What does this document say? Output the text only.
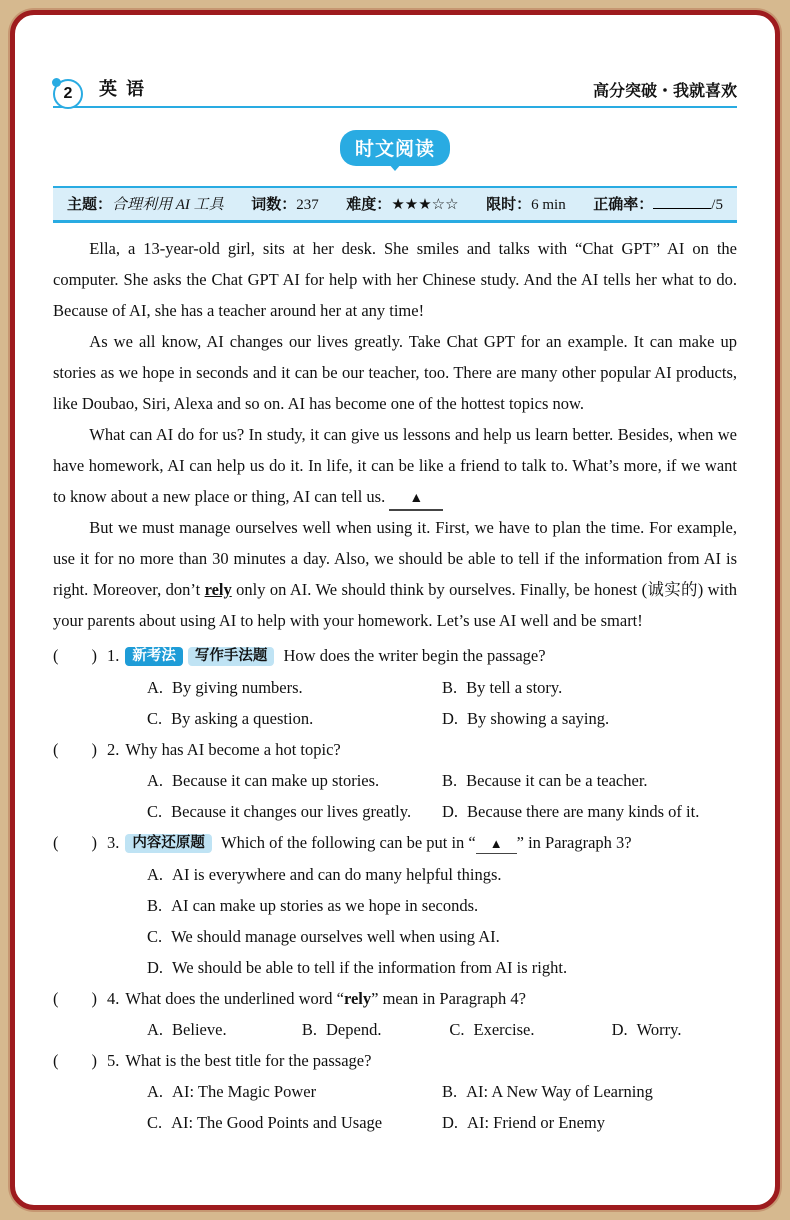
2 英 语	高分突破・我就喜欢
时文阅读
主题：合理利用 AI 工具 词数：237 难度：★★★☆☆ 限时：6 min 正确率：	/5

Ella, a 13-year-old girl, sits at her desk. She smiles and talks with “Chat GPT” AI on the computer. She asks the Chat GPT AI for help with her Chinese study. And the AI tells her what to do. Because of AI, she has a teacher around her at any time!

As we all know, AI changes our lives greatly. Take Chat GPT for an example. It can make up stories as we hope in seconds and it can be our teacher, too. There are many other popular AI products, like Doubao, Siri, Alexa and so on. AI has become one of the hottest topics now.

What can AI do for us? In study, it can give us lessons and help us learn better. Besides, when we have homework, AI can help us do it. In life, it can be like a friend to talk to. What’s more, if we want to know about a new place or thing, AI can tell us. ▲

But we must manage ourselves well when using it. First, we have to plan the time. For example, use it for no more than 30 minutes a day. Also, we should be able to tell if the information from AI is right. Moreover, don’t rely only on AI. We should think by ourselves. Finally, be honest (诚实的) with your parents about using AI to help with your homework. Let’s use AI well and be smart!

(　　) 1. 新考法 写作手法题 How does the writer begin the passage?
A. By giving numbers.	B. By tell a story.
C. By asking a question.	D. By showing a saying.
(　　) 2. Why has AI become a hot topic?
A. Because it can make up stories.	B. Because it can be a teacher.
C. Because it changes our lives greatly.	D. Because there are many kinds of it.
(　　) 3. 内容还原题 Which of the following can be put in “ ▲ ” in Paragraph 3?
A. AI is everywhere and can do many helpful things.
B. AI can make up stories as we hope in seconds.
C. We should manage ourselves well when using AI.
D. We should be able to tell if the information from AI is right.
(　　) 4. What does the underlined word “rely” mean in Paragraph 4?
A. Believe.	B. Depend.	C. Exercise.	D. Worry.
(　　) 5. What is the best title for the passage?
A. AI: The Magic Power	B. AI: A New Way of Learning
C. AI: The Good Points and Usage	D. AI: Friend or Enemy
